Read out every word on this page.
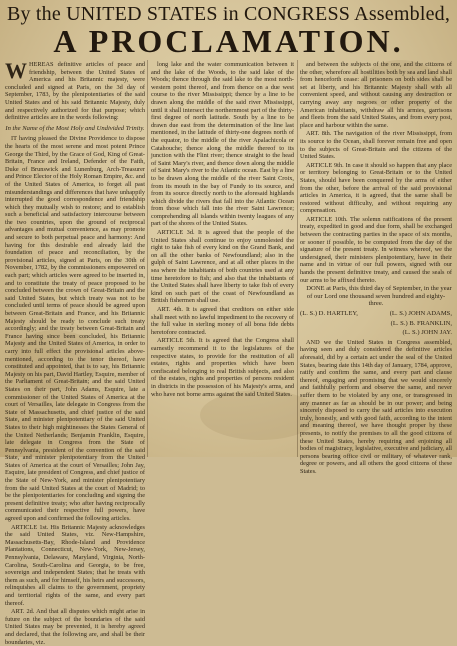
By the UNITED STATES in CONGRESS Assembled,
A PROCLAMATION.

WHEREAS definitive articles of peace and friendship, between the United States of America and his Britannic majesty, were concluded and signed at Paris, on the 3d day of September, 1783, by the plenipotentiaries of the said United States and of his said Britannic Majesty, duly and respectively authorized for that purpose; which definitive articles are in the words following:

In the Name of the Most Holy and Undivided Trinity.

IT having pleased the Divine Providence to dispose the hearts of the most serene and most potent Prince George the Third, by the Grace of God, King of Great-Britain, France and Ireland, Defender of the Faith, Duke of Brunswick and Lunenburg, Arch-Treasurer and Prince Elector of the Holy Roman Empire, &c. and of the United States of America, to forget all past misunderstandings and differences that have unhappily interrupted the good correspondence and friendship which they mutually wish to restore; and to establish such a beneficial and satisfactory intercourse between the two countries, upon the ground of reciprocal advantages and mutual convenience, as may promote and secure to both perpetual peace and harmony: And having for this desirable end already laid the foundation of peace and reconciliation, by the provisional articles, signed at Paris, on the 30th of November, 1782, by the commissioners empowered on each part; which articles were agreed to be inserted in, and to constitute the treaty of peace proposed to be concluded between the crown of Great-Britain and the said United States, but which treaty was not to be concluded until terms of peace should be agreed upon between Great-Britain and France, and his Britannic Majesty should be ready to conclude such treaty accordingly; and the treaty between Great-Britain and France having since been concluded, his Britannic Majesty and the United States of America, in order to carry into full effect the provisional articles above-mentioned, according to the tenor thereof, have constituted and appointed, that is to say, his Britannic Majesty on his part, David Hartley, Esquire, member of the Parliament of Great-Britain; and the said United States on their part, John Adams, Esquire, late a commissioner of the United States of America at the court of Versailles, late delegate in Congress from the State of Massachusetts, and chief justice of the said State, and minister plenipotentiary of the said United States to their high mightinesses the States General of the United Netherlands; Benjamin Franklin, Esquire, late delegate in Congress from the State of Pennsylvania, president of the convention of the said State, and minister plenipotentiary from the United States of America at the court of Versailles; John Jay, Esquire, late president of Congress, and chief justice of the State of New-York, and minister plenipotentiary from the said United States at the court of Madrid; to be the plenipotentiaries for concluding and signing the present definitive treaty; who after having reciprocally communicated their respective full powers, have agreed upon and confirmed the following articles.

ARTICLE 1st. His Britannic Majesty acknowledges the said United States, viz. New-Hampshire, Massachusetts-Bay, Rhode-Island and Providence Plantations, Connecticut, New-York, New-Jersey, Pennsylvania, Delaware, Maryland, Virginia, North-Carolina, South-Carolina and Georgia, to be free, sovereign and independent States; that he treats with them as such, and for himself, his heirs and successors, relinquishes all claims to the government, propriety and territorial rights of the same, and every part thereof.

ART. 2d. And that all disputes which might arise in future on the subject of the boundaries of the said United States may be prevented, it is hereby agreed and declared, that the following are, and shall be their boundaries, viz.

long lake and the water communication between it and the lake of the Woods, to the said lake of the Woods; thence through the said lake to the most north-western point thereof, and from thence on a due west course to the river Mississippi; thence by a line to be drawn along the middle of the said river Mississippi, until it shall intersect the northernmost part of the thirty-first degree of north latitude. South by a line to be drawn due east from the determination of the line last mentioned, in the latitude of thirty-one degrees north of the equator, to the middle of the river Apalachicola or Catahouche; thence along the middle thereof to its junction with the Flint river; thence straight to the head of Saint Mary's river, and thence down along the middle of Saint Mary's river to the Atlantic ocean. East by a line to be drawn along the middle of the river Saint Croix, from its mouth in the bay of Fundy to its source, and from its source directly north to the aforesaid highlands which divide the rivers that fall into the Atlantic Ocean from those which fall into the river Saint Lawrence; comprehending all islands within twenty leagues of any part of the shores of the United States.

ARTICLE 3d. It is agreed that the people of the United States shall continue to enjoy unmolested the right to take fish of every kind on the Grand Bank, and on all the other banks of Newfoundland; also in the gulph of Saint Lawrence, and at all other places in the sea where the inhabitants of both countries used at any time heretofore to fish; and also that the inhabitants of the United States shall have liberty to take fish of every kind on such part of the coast of Newfoundland as British fishermen shall use.

ART. 4th. It is agreed that creditors on either side shall meet with no lawful impediment to the recovery of the full value in sterling money of all bona fide debts heretofore contracted.

ARTICLE 5th. It is agreed that the Congress shall earnestly recommend it to the legislatures of the respective states, to provide for the restitution of all estates, rights and properties which have been confiscated belonging to real British subjects, and also of the estates, rights and properties of persons resident in districts in the possession of his Majesty's arms, and who have not borne arms against the said United States.

and between the subjects of the one, and the citizens of the other, wherefore all hostilities both by sea and land shall from henceforth cease: all prisoners on both sides shall be set at liberty, and his Britannic Majesty shall with all convenient speed, and without causing any destruction or carrying away any negroes or other property of the American inhabitants, withdraw all his armies, garrisons and fleets from the said United States, and from every post, place and harbour within the same.

ART. 8th. The navigation of the river Mississippi, from its source to the Ocean, shall forever remain free and open to the subjects of Great-Britain and the citizens of the United States.

ARTICLE 9th. In case it should so happen that any place or territory belonging to Great-Britain or to the United States, should have been conquered by the arms of either from the other, before the arrival of the said provisional articles in America, it is agreed, that the same shall be restored without difficulty, and without requiring any compensation.

ARTICLE 10th. The solemn ratifications of the present treaty, expedited in good and due form, shall be exchanged between the contracting parties in the space of six months, or sooner if possible, to be computed from the day of the signature of the present treaty. In witness whereof, we the undersigned, their ministers plenipotentiary, have in their name and in virtue of our full powers, signed with our hands the present definitive treaty, and caused the seals of our arms to be affixed thereto.

DONE at Paris, this third day of September, in the year of our Lord one thousand seven hundred and eighty-three.

(L. S.) D. HARTLEY,	(L. S.) JOHN ADAMS,
(L. S.) B. FRANKLIN,
(L. S.) JOHN JAY.

AND we the United States in Congress assembled, having seen and duly considered the definitive articles aforesaid, did by a certain act under the seal of the United States, bearing date this 14th day of January, 1784, approve, ratify and confirm the same, and every part and clause thereof, engaging and promising that we would sincerely and faithfully perform and observe the same, and never suffer them to be violated by any one, or transgressed in any manner as far as should be in our power; and being sincerely disposed to carry the said articles into execution truly, honestly, and with good faith, according to the intent and meaning thereof, we have thought proper by these presents, to notify the premises to all the good citizens of these United States, hereby requiring and enjoining all bodies of magistracy, legislative, executive and judiciary, all persons bearing office civil or military, of whatever rank, degree or powers, and all others the good citizens of these States.
